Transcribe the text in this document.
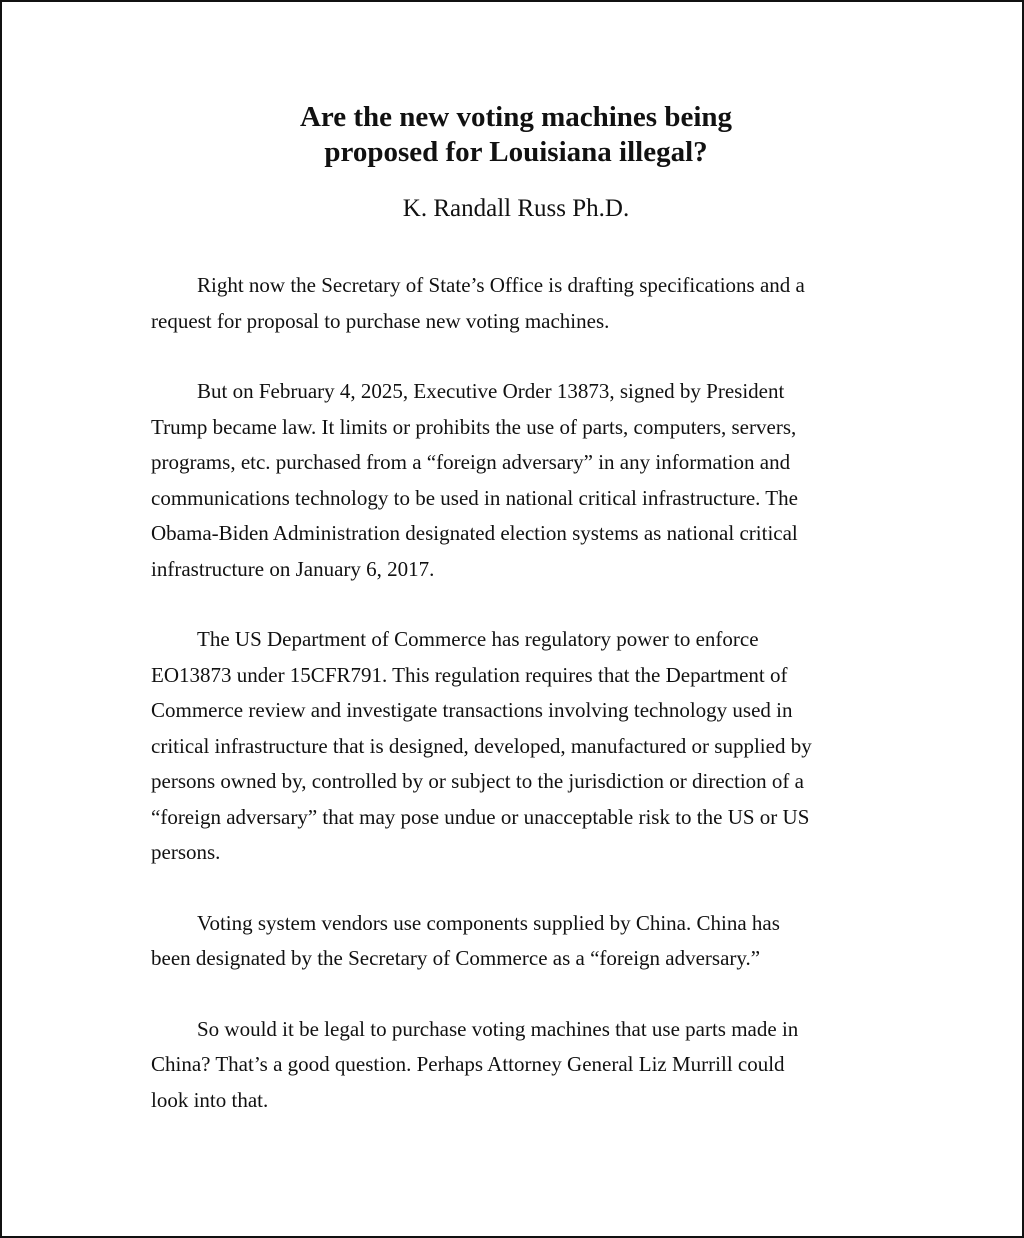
Are the new voting machines being
proposed for Louisiana illegal?
K. Randall Russ Ph.D.

Right now the Secretary of State’s Office is drafting specifications and a
request for proposal to purchase new voting machines.

But on February 4, 2025, Executive Order 13873, signed by President
Trump became law. It limits or prohibits the use of parts, computers, servers,
programs, etc. purchased from a “foreign adversary” in any information and
communications technology to be used in national critical infrastructure. The
Obama-Biden Administration designated election systems as national critical
infrastructure on January 6, 2017.

The US Department of Commerce has regulatory power to enforce
EO13873 under 15CFR791. This regulation requires that the Department of
Commerce review and investigate transactions involving technology used in
critical infrastructure that is designed, developed, manufactured or supplied by
persons owned by, controlled by or subject to the jurisdiction or direction of a
“foreign adversary” that may pose undue or unacceptable risk to the US or US
persons.

Voting system vendors use components supplied by China. China has
been designated by the Secretary of Commerce as a “foreign adversary.”

So would it be legal to purchase voting machines that use parts made in
China? That’s a good question. Perhaps Attorney General Liz Murrill could
look into that.
